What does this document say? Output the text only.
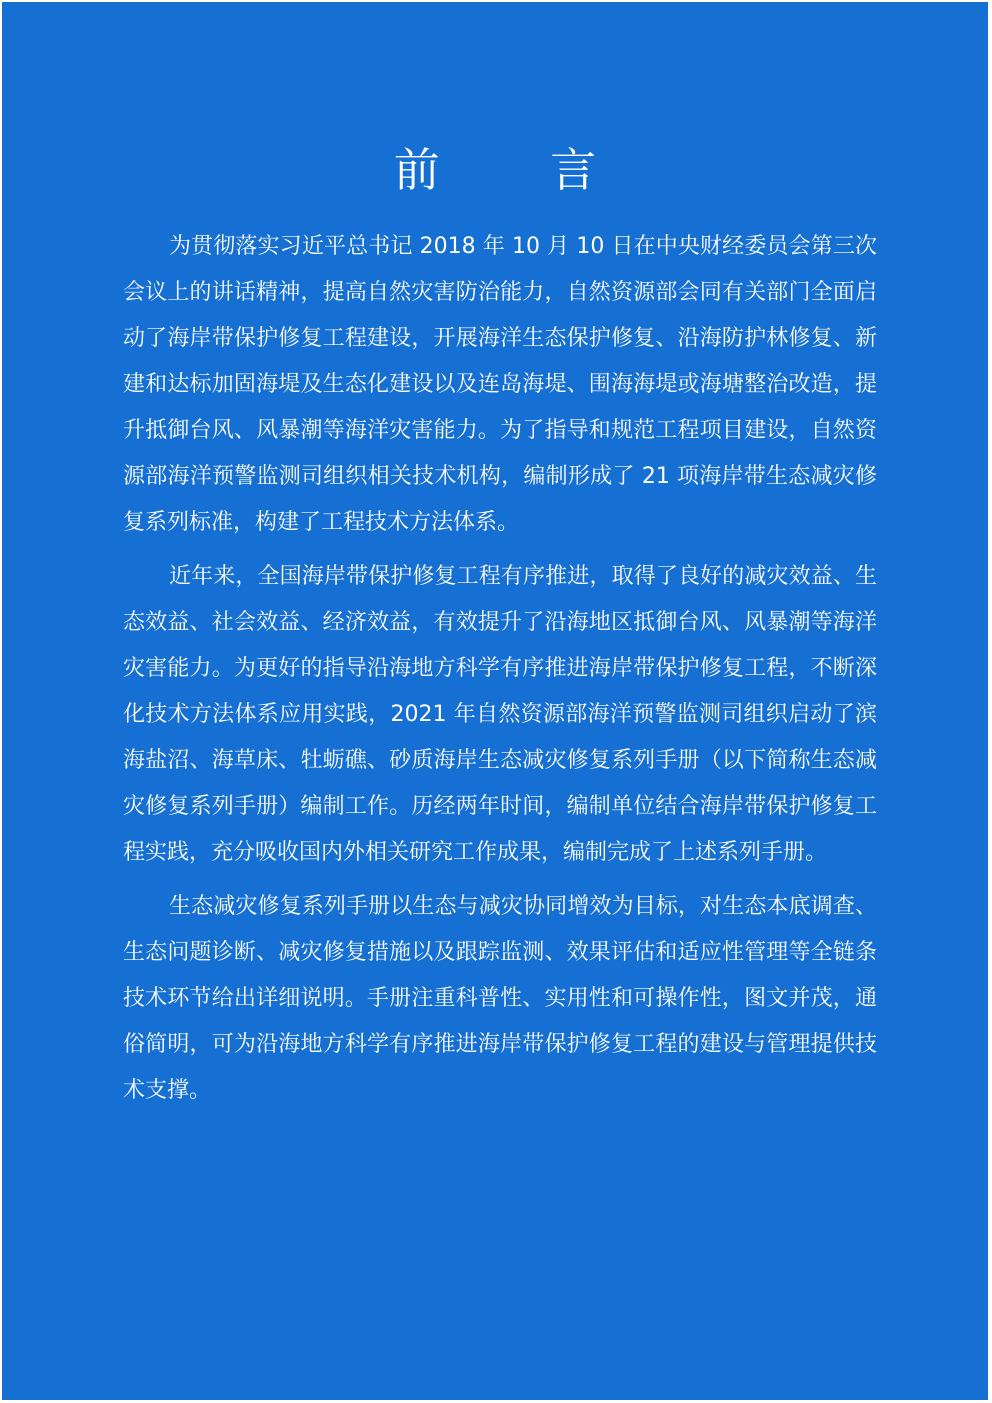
前 言

为贯彻落实习近平总书记 2018 年 10 月 10 日在中央财经委员会第三次会议上的讲话精神，提高自然灾害防治能力，自然资源部会同有关部门全面启动了海岸带保护修复工程建设，开展海洋生态保护修复、沿海防护林修复、新建和达标加固海堤及生态化建设以及连岛海堤、围海海堤或海塘整治改造，提升抵御台风、风暴潮等海洋灾害能力。为了指导和规范工程项目建设，自然资源部海洋预警监测司组织相关技术机构，编制形成了 21 项海岸带生态减灾修复系列标准，构建了工程技术方法体系。

近年来，全国海岸带保护修复工程有序推进，取得了良好的减灾效益、生态效益、社会效益、经济效益，有效提升了沿海地区抵御台风、风暴潮等海洋灾害能力。为更好的指导沿海地方科学有序推进海岸带保护修复工程，不断深化技术方法体系应用实践，2021 年自然资源部海洋预警监测司组织启动了滨海盐沼、海草床、牡蛎礁、砂质海岸生态减灾修复系列手册（以下简称生态减灾修复系列手册）编制工作。历经两年时间，编制单位结合海岸带保护修复工程实践，充分吸收国内外相关研究工作成果，编制完成了上述系列手册。

生态减灾修复系列手册以生态与减灾协同增效为目标，对生态本底调查、生态问题诊断、减灾修复措施以及跟踪监测、效果评估和适应性管理等全链条技术环节给出详细说明。手册注重科普性、实用性和可操作性，图文并茂，通俗简明，可为沿海地方科学有序推进海岸带保护修复工程的建设与管理提供技术支撑。
